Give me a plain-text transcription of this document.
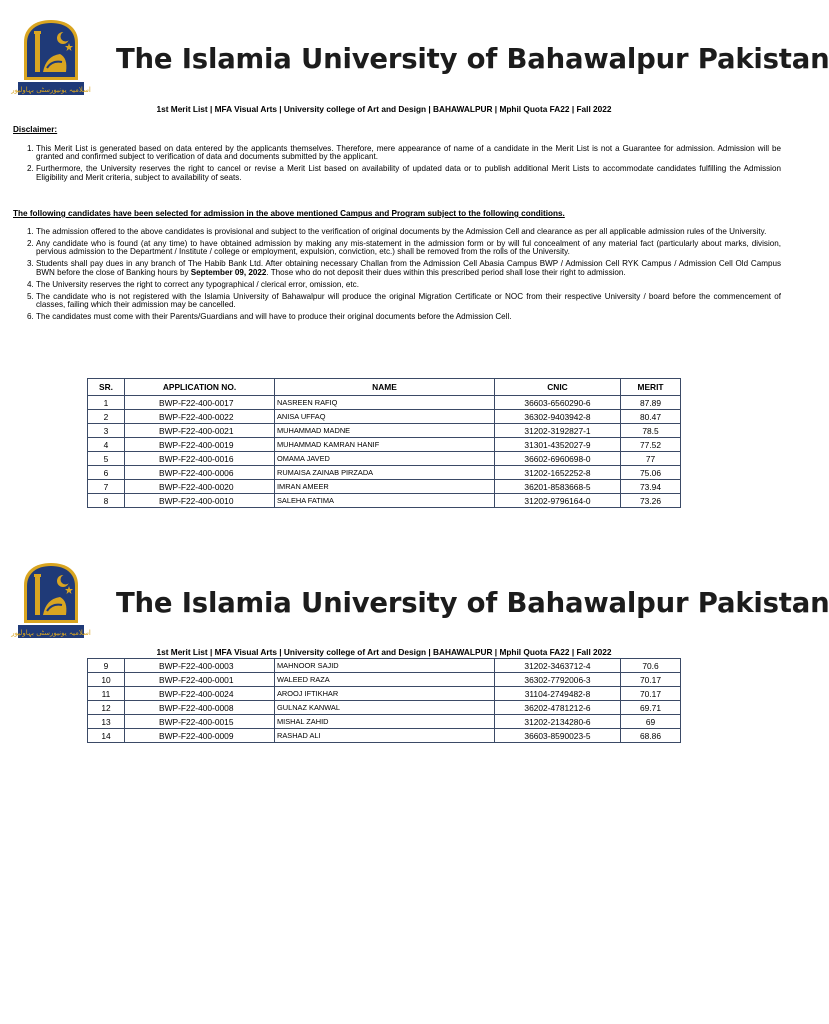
اسلامیہ یونیورسٹی بہاولپور
The Islamia University of Bahawalpur Pakistan
1st Merit List | MFA Visual Arts | University college of Art and Design | BAHAWALPUR | Mphil Quota FA22 | Fall 2022
Disclaimer:
1. This Merit List is generated based on data entered by the applicants themselves. Therefore, mere appearance of name of a candidate in the Merit List is not a Guarantee for admission. Admission will be granted and confirmed subject to verification of data and documents submitted by the applicant.
2. Furthermore, the University reserves the right to cancel or revise a Merit List based on availability of updated data or to publish additional Merit Lists to accommodate candidates fulfilling the Admission Eligibility and Merit criteria, subject to availability of seats.
The following candidates have been selected for admission in the above mentioned Campus and Program subject to the following conditions.
1. The admission offered to the above candidates is provisional and subject to the verification of original documents by the Admission Cell and clearance as per all applicable admission rules of the University.
2. Any candidate who is found (at any time) to have obtained admission by making any mis-statement in the admission form or by will ful concealment of any material fact (particularly about marks, division, pervious admission to the Department / Institute / college or employment, expulsion, conviction, etc.) shall be removed from the rolls of the University.
3. Students shall pay dues in any branch of The Habib Bank Ltd. After obtaining necessary Challan from the Admission Cell Abasia Campus BWP / Admission Cell RYK Campus / Admission Cell Old Campus BWN before the close of Banking hours by September 09, 2022. Those who do not deposit their dues within this prescribed period shall lose their right to admission.
4. The University reserves the right to correct any typographical / clerical error, omission, etc.
5. The candidate who is not registered with the Islamia University of Bahawalpur will produce the original Migration Certificate or NOC from their respective University / board before the commencement of classes, failing which their admission may be cancelled.
6. The candidates must come with their Parents/Guardians and will have to produce their original documents before the Admission Cell.
SR.	APPLICATION NO.	NAME	CNIC	MERIT
1	BWP-F22-400-0017	NASREEN RAFIQ	36603-6560290-6	87.89
2	BWP-F22-400-0022	ANISA UFFAQ	36302-9403942-8	80.47
3	BWP-F22-400-0021	MUHAMMAD MADNE	31202-3192827-1	78.5
4	BWP-F22-400-0019	MUHAMMAD KAMRAN HANIF	31301-4352027-9	77.52
5	BWP-F22-400-0016	OMAMA JAVED	36602-6960698-0	77
6	BWP-F22-400-0006	RUMAISA ZAINAB PIRZADA	31202-1652252-8	75.06
7	BWP-F22-400-0020	IMRAN AMEER	36201-8583668-5	73.94
8	BWP-F22-400-0010	SALEHA FATIMA	31202-9796164-0	73.26
اسلامیہ یونیورسٹی بہاولپور
The Islamia University of Bahawalpur Pakistan
1st Merit List | MFA Visual Arts | University college of Art and Design | BAHAWALPUR | Mphil Quota FA22 | Fall 2022
9	BWP-F22-400-0003	MAHNOOR SAJID	31202-3463712-4	70.6
10	BWP-F22-400-0001	WALEED RAZA	36302-7792006-3	70.17
11	BWP-F22-400-0024	AROOJ IFTIKHAR	31104-2749482-8	70.17
12	BWP-F22-400-0008	GULNAZ KANWAL	36202-4781212-6	69.71
13	BWP-F22-400-0015	MISHAL ZAHID	31202-2134280-6	69
14	BWP-F22-400-0009	RASHAD ALI	36603-8590023-5	68.86
